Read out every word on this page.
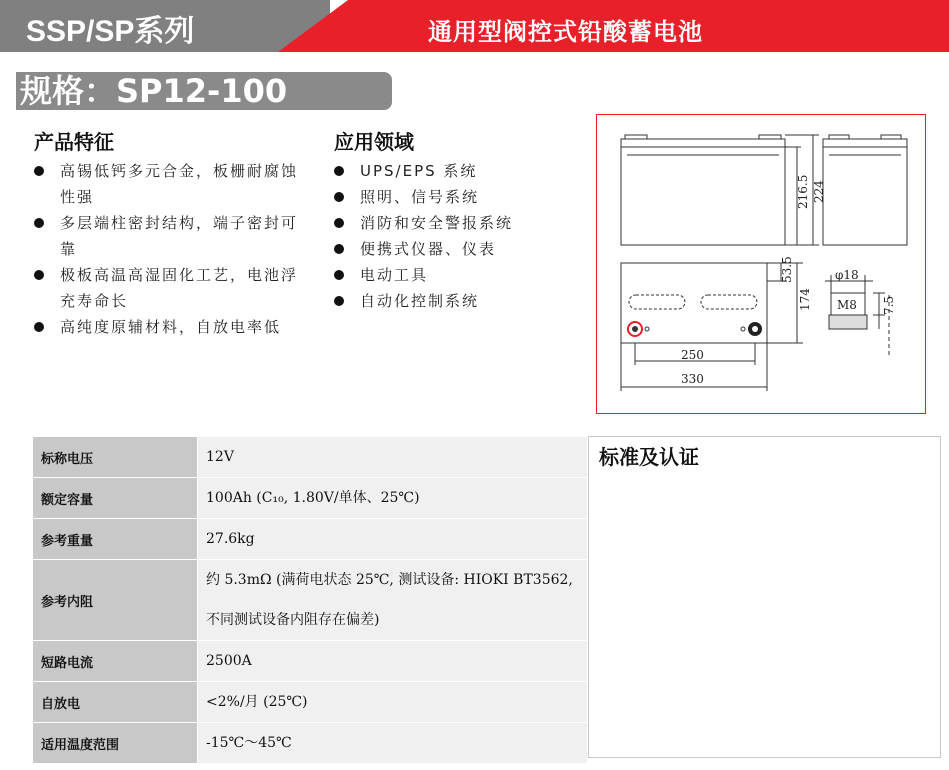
SSP/SP系列	通用型阀控式铅酸蓄电池
规格：SP12-100
产品特征
高锡低钙多元合金，板栅耐腐蚀性强
多层端柱密封结构，端子密封可靠
极板高温高湿固化工艺，电池浮充寿命长
高纯度原辅材料，自放电率低
应用领域
UPS/EPS 系统
照明、信号系统
消防和安全警报系统
便携式仪器、仪表
电动工具
自动化控制系统
216.5 224
53.5
174
250
330
φ18
M8 7.5
标称电压	12V
额定容量	100Ah (C₁₀, 1.80V/单体、25℃)
参考重量	27.6kg
参考内阻	约 5.3mΩ (满荷电状态 25℃, 测试设备: HIOKI BT3562, 不同测试设备内阻存在偏差)
短路电流	2500A
自放电	<2%/月 (25℃)
适用温度范围	-15℃～45℃
标准及认证
